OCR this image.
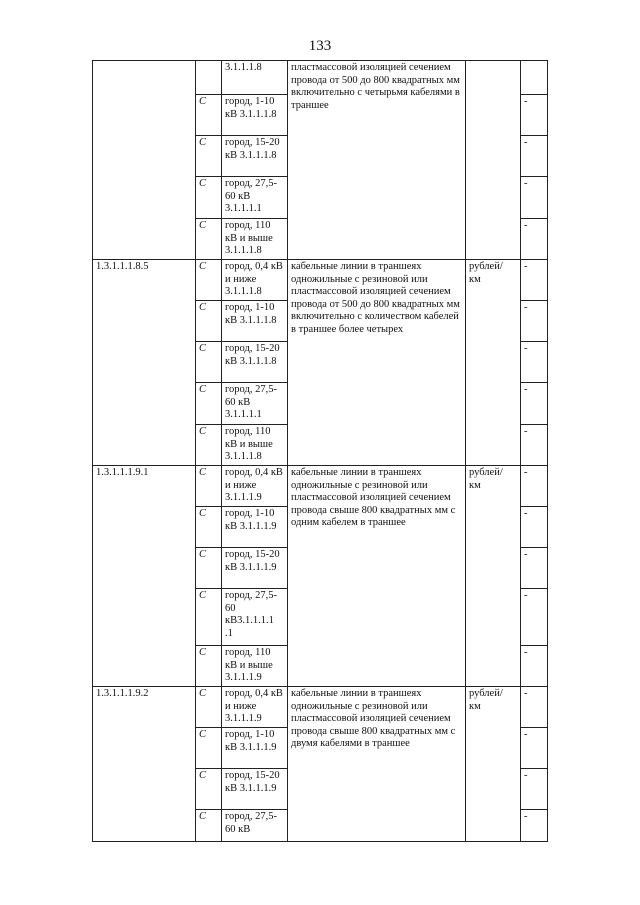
133
		3.1.1.1.8	пластмассовой изоляцией сечением провода от 500 до 800 квадратных мм включительно с четырьмя кабелями в траншее		
	С	город, 1-10 кВ 3.1.1.1.8			-
	С	город, 15-20 кВ 3.1.1.1.8			-
	С	город, 27,5-60 кВ 3.1.1.1.1			-
	С	город, 110 кВ и выше 3.1.1.1.8			-
1.3.1.1.1.8.5	С	город, 0,4 кВ и ниже 3.1.1.1.8	кабельные линии в траншеях одножильные с резиновой или пластмассовой изоляцией сечением провода от 500 до 800 квадратных мм включительно с количеством кабелей в траншее более четырех	рублей/ км	-
	С	город, 1-10 кВ 3.1.1.1.8			-
	С	город, 15-20 кВ 3.1.1.1.8			-
	С	город, 27,5-60 кВ 3.1.1.1.1			-
	С	город, 110 кВ и выше 3.1.1.1.8			-
1.3.1.1.1.9.1	С	город, 0,4 кВ и ниже 3.1.1.1.9	кабельные линии в траншеях одножильные с резиновой или пластмассовой изоляцией сечением провода свыше 800 квадратных мм с одним кабелем в траншее	рублей/ км	-
	С	город, 1-10 кВ 3.1.1.1.9			-
	С	город, 15-20 кВ 3.1.1.1.9			-
	С	город, 27,5-60 кВ3.1.1.1.1 .1			-
	С	город, 110 кВ и выше 3.1.1.1.9			-
1.3.1.1.1.9.2	С	город, 0,4 кВ и ниже 3.1.1.1.9	кабельные линии в траншеях одножильные с резиновой или пластмассовой изоляцией сечением провода свыше 800 квадратных мм с двумя кабелями в траншее	рублей/ км	-
	С	город, 1-10 кВ 3.1.1.1.9			-
	С	город, 15-20 кВ 3.1.1.1.9			-
	С	город, 27,5-60 кВ			-
